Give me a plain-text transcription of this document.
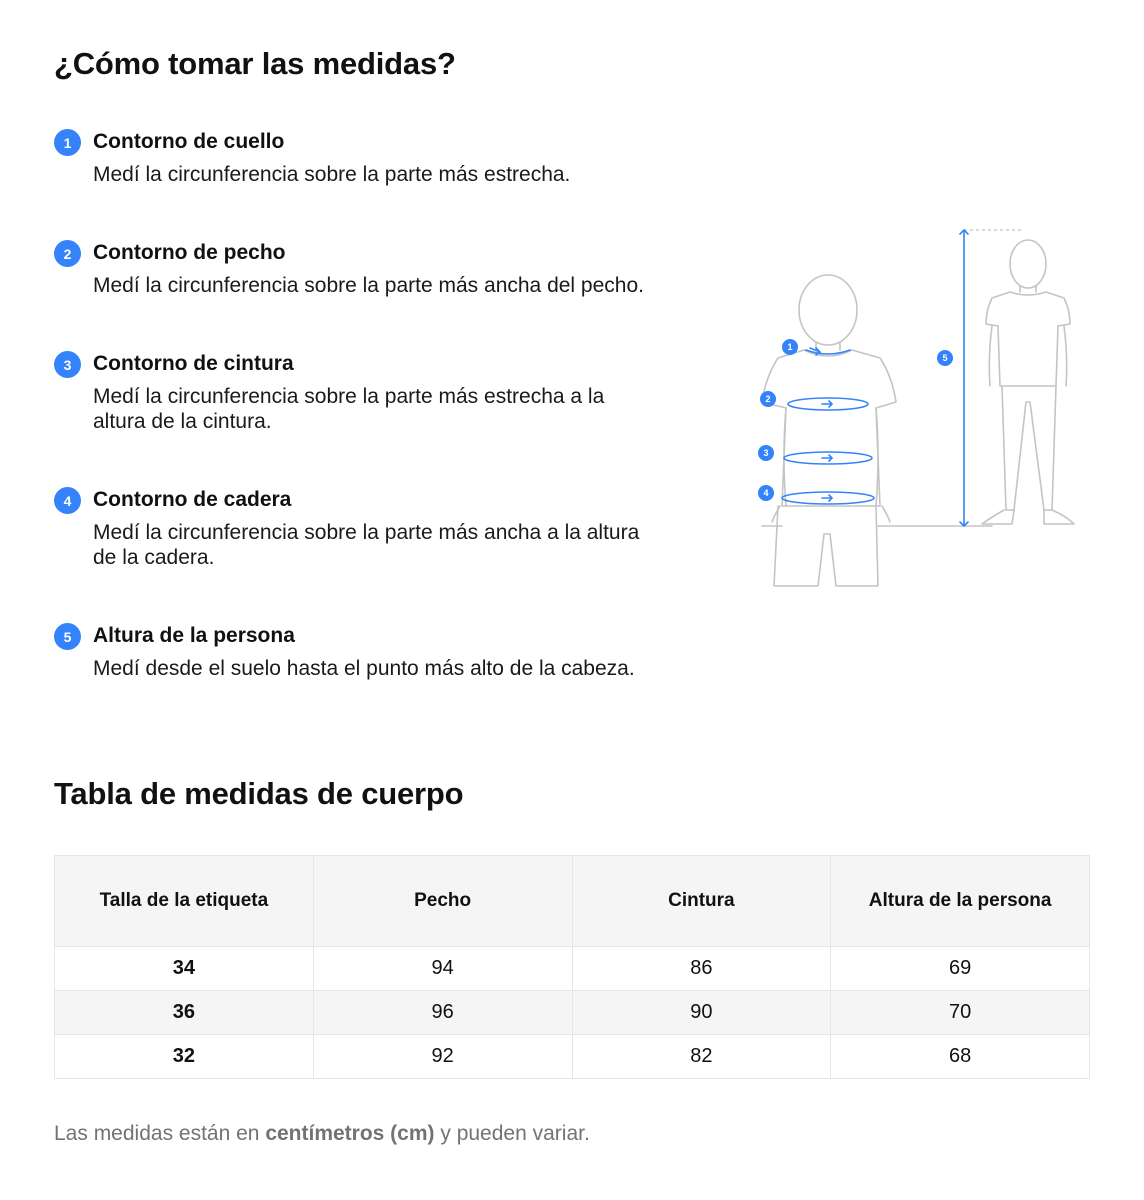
¿Cómo tomar las medidas?
1	Contorno de cuello
Medí la circunferencia sobre la parte más estrecha.
2	Contorno de pecho
Medí la circunferencia sobre la parte más ancha del pecho.
3	Contorno de cintura
Medí la circunferencia sobre la parte más estrecha a la altura de la cintura.
4	Contorno de cadera
Medí la circunferencia sobre la parte más ancha a la altura de la cadera.
5	Altura de la persona
Medí desde el suelo hasta el punto más alto de la cabeza.
1
2
3
4
5
Tabla de medidas de cuerpo
Talla de la etiqueta	Pecho	Cintura	Altura de la persona
34	94	86	69
36	96	90	70
32	92	82	68

Las medidas están en centímetros (cm) y pueden variar.
